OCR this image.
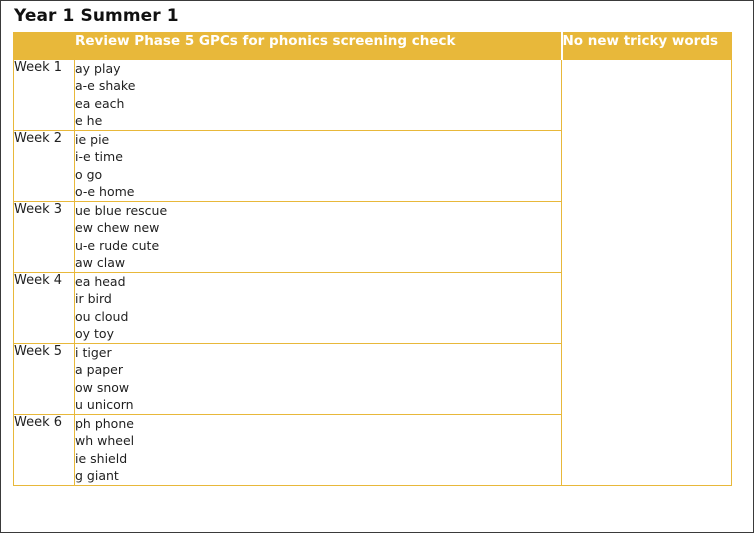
Year 1 Summer 1
	Review Phase 5 GPCs for phonics screening check	No new tricky words
Week 1	ay play
a-e shake
ea each
e he	

Week 2	ie pie
i-e time
o go
o-e home	

Week 3	ue blue rescue
ew chew new
u-e rude cute
aw claw	

Week 4	ea head
ir bird
ou cloud
oy toy	

Week 5	i tiger
a paper
ow snow
u unicorn	

Week 6	ph phone
wh wheel
ie shield
g giant	
